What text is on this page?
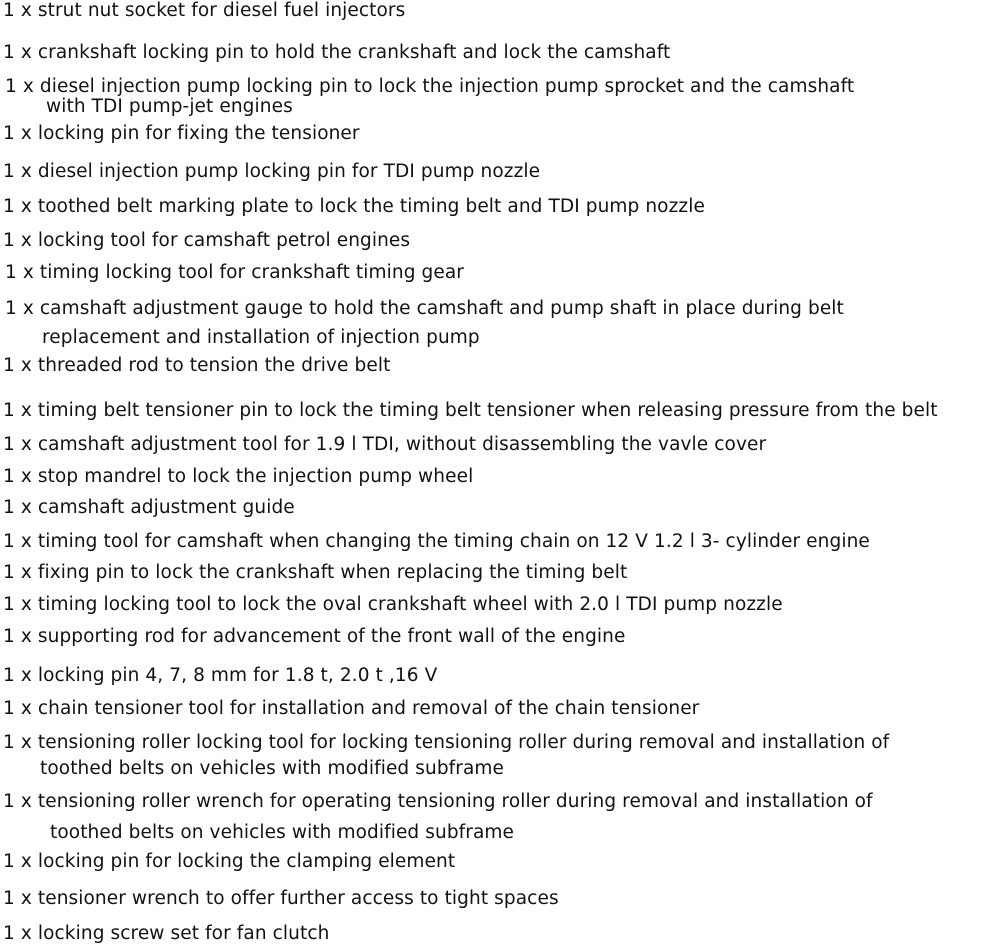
1 x strut nut socket for diesel fuel injectors
1 x crankshaft locking pin to hold the crankshaft and lock the camshaft
1 x diesel injection pump locking pin to lock the injection pump sprocket and the camshaft
with TDI pump-jet engines
1 x locking pin for fixing the tensioner
1 x diesel injection pump locking pin for TDI pump nozzle
1 x toothed belt marking plate to lock the timing belt and TDI pump nozzle
1 x locking tool for camshaft petrol engines
1 x timing locking tool for crankshaft timing gear
1 x camshaft adjustment gauge to hold the camshaft and pump shaft in place during belt
replacement and installation of injection pump
1 x threaded rod to tension the drive belt
1 x timing belt tensioner pin to lock the timing belt tensioner when releasing pressure from the belt
1 x camshaft adjustment tool for 1.9 l TDI, without disassembling the vavle cover
1 x stop mandrel to lock the injection pump wheel
1 x camshaft adjustment guide
1 x timing tool for camshaft when changing the timing chain on 12 V 1.2 l 3- cylinder engine
1 x fixing pin to lock the crankshaft when replacing the timing belt
1 x timing locking tool to lock the oval crankshaft wheel with 2.0 l TDI pump nozzle
1 x supporting rod for advancement of the front wall of the engine
1 x locking pin 4, 7, 8 mm for 1.8 t, 2.0 t ,16 V
1 x chain tensioner tool for installation and removal of the chain tensioner
1 x tensioning roller locking tool for locking tensioning roller during removal and installation of
toothed belts on vehicles with modified subframe
1 x tensioning roller wrench for operating tensioning roller during removal and installation of
toothed belts on vehicles with modified subframe
1 x locking pin for locking the clamping element
1 x tensioner wrench to offer further access to tight spaces
1 x locking screw set for fan clutch
